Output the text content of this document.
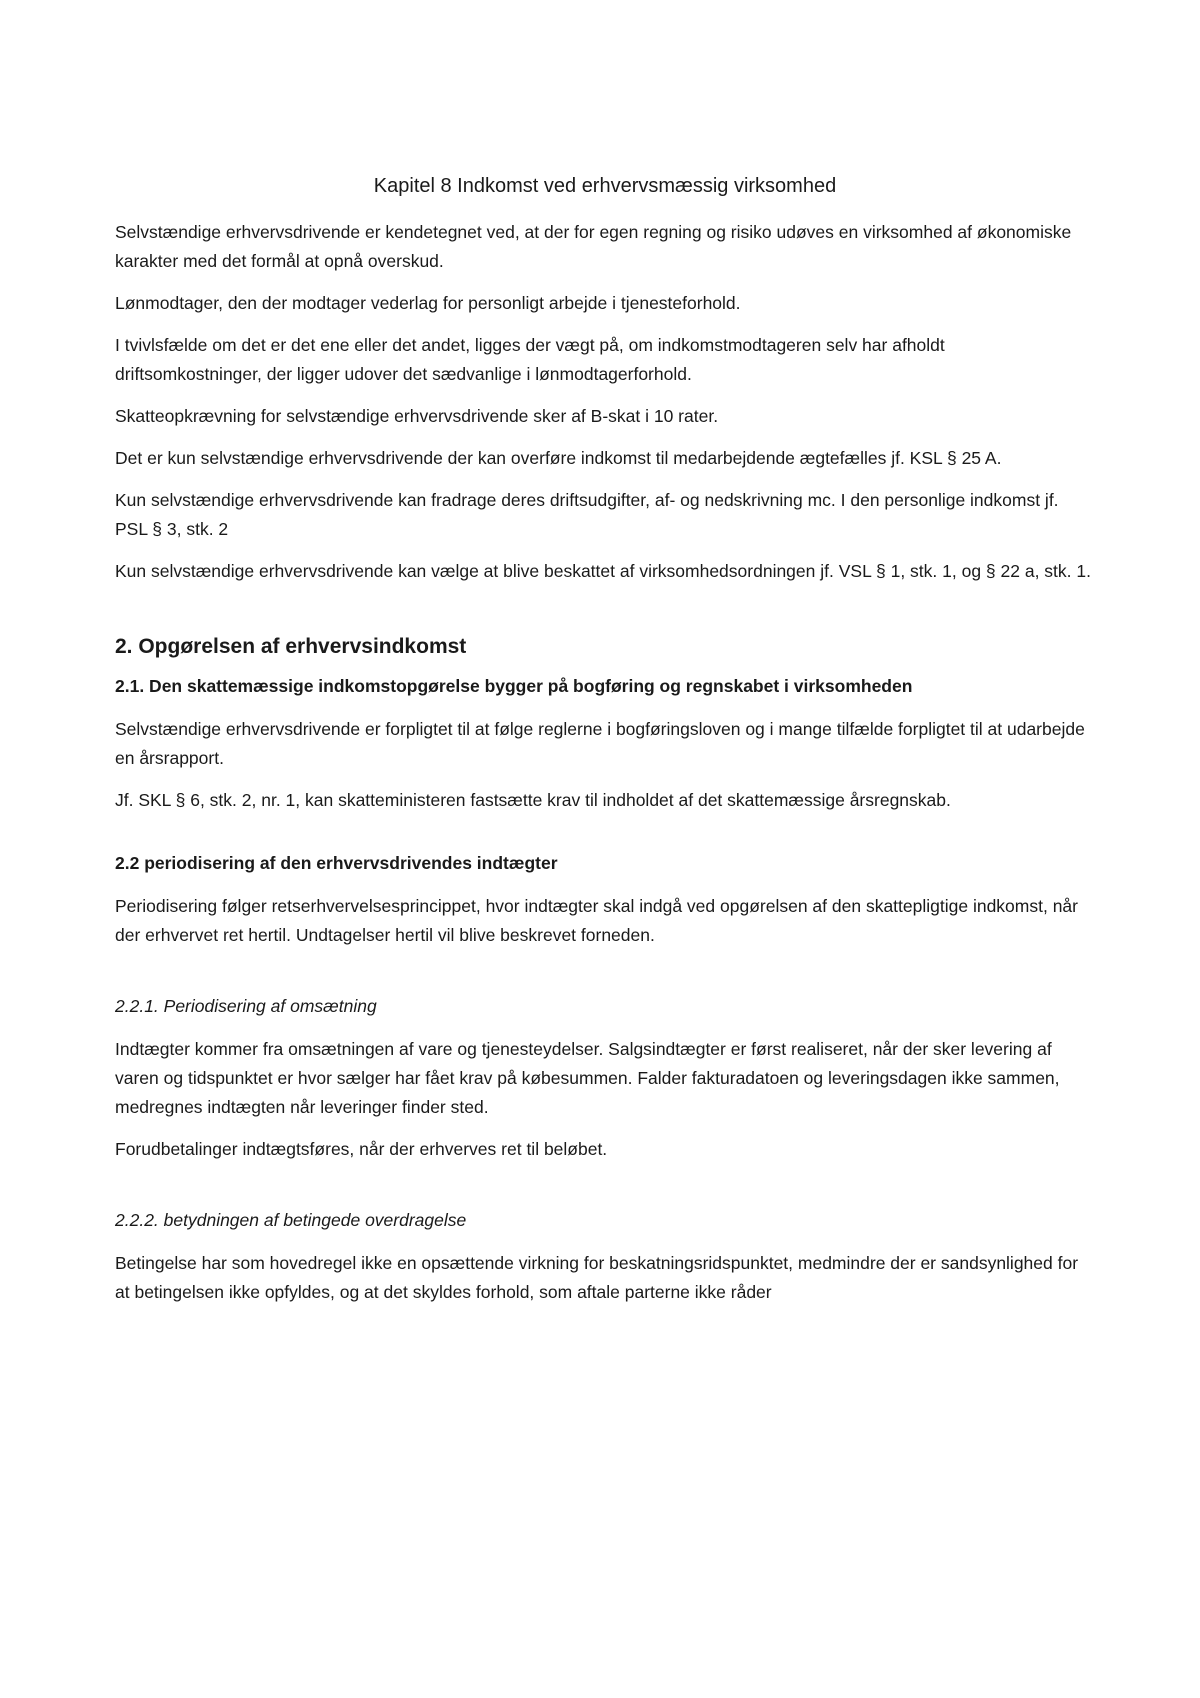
Kapitel 8 Indkomst ved erhvervsmæssig virksomhed

Selvstændige erhvervsdrivende er kendetegnet ved, at der for egen regning og risiko udøves en virksomhed af økonomiske karakter med det formål at opnå overskud.

Lønmodtager, den der modtager vederlag for personligt arbejde i tjenesteforhold.

I tvivlsfælde om det er det ene eller det andet, ligges der vægt på, om indkomstmodtageren selv har afholdt driftsomkostninger, der ligger udover det sædvanlige i lønmodtagerforhold.

Skatteopkrævning for selvstændige erhvervsdrivende sker af B-skat i 10 rater.

Det er kun selvstændige erhvervsdrivende der kan overføre indkomst til medarbejdende ægtefælles jf. KSL § 25 A.

Kun selvstændige erhvervsdrivende kan fradrage deres driftsudgifter, af- og nedskrivning mc. I den personlige indkomst jf. PSL § 3, stk. 2

Kun selvstændige erhvervsdrivende kan vælge at blive beskattet af virksomhedsordningen jf. VSL § 1, stk. 1, og § 22 a, stk. 1.

2. Opgørelsen af erhvervsindkomst
2.1. Den skattemæssige indkomstopgørelse bygger på bogføring og regnskabet i virksomheden

Selvstændige erhvervsdrivende er forpligtet til at følge reglerne i bogføringsloven og i mange tilfælde forpligtet til at udarbejde en årsrapport.

Jf. SKL § 6, stk. 2, nr. 1, kan skatteministeren fastsætte krav til indholdet af det skattemæssige årsregnskab.

2.2 periodisering af den erhvervsdrivendes indtægter

Periodisering følger retserhvervelsesprincippet, hvor indtægter skal indgå ved opgørelsen af den skattepligtige indkomst, når der erhvervet ret hertil. Undtagelser hertil vil blive beskrevet forneden.

2.2.1. Periodisering af omsætning

Indtægter kommer fra omsætningen af vare og tjenesteydelser. Salgsindtægter er først realiseret, når der sker levering af varen og tidspunktet er hvor sælger har fået krav på købesummen. Falder fakturadatoen og leveringsdagen ikke sammen, medregnes indtægten når leveringer finder sted.

Forudbetalinger indtægtsføres, når der erhverves ret til beløbet.

2.2.2. betydningen af betingede overdragelse

Betingelse har som hovedregel ikke en opsættende virkning for beskatningsridspunktet, medmindre der er sandsynlighed for at betingelsen ikke opfyldes, og at det skyldes forhold, som aftale parterne ikke råder
